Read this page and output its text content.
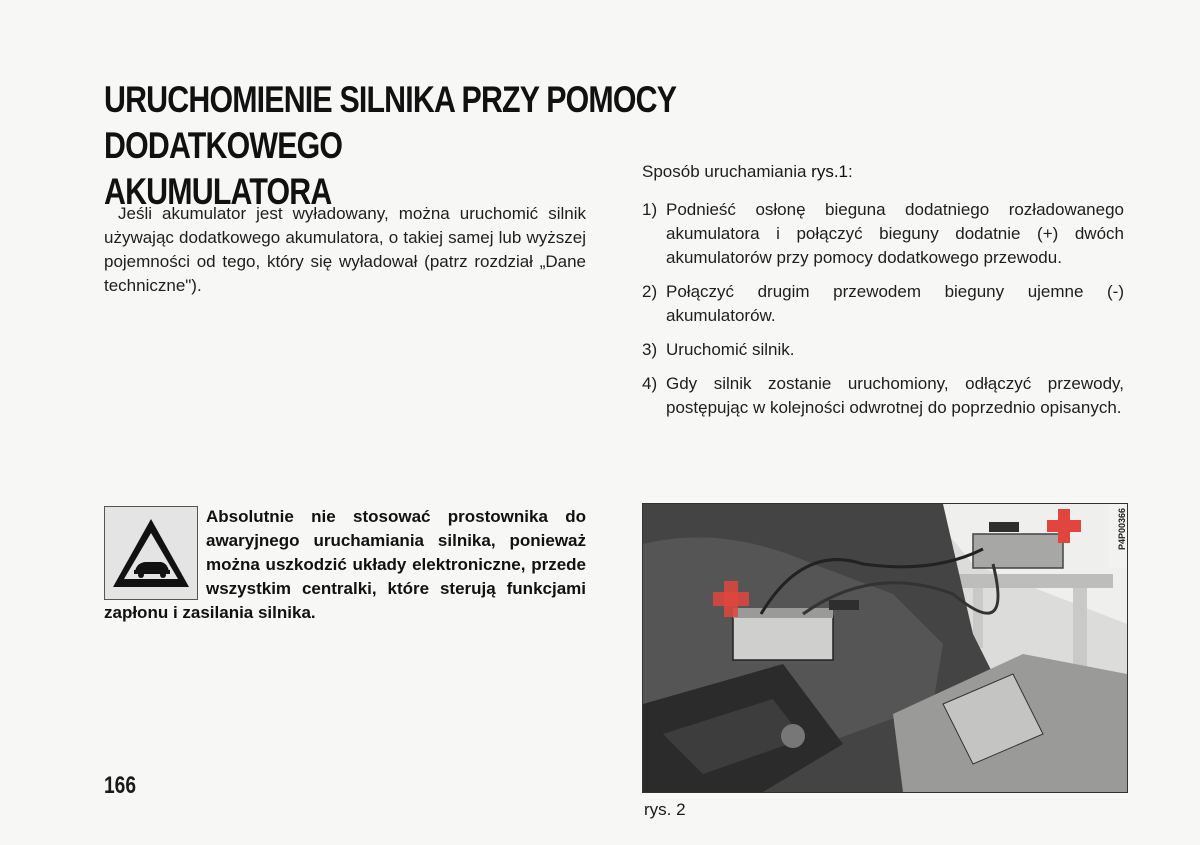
URUCHOMIENIE SILNIKA PRZY POMOCY DODATKOWEGO
AKUMULATORA

Jeśli akumulator jest wyładowany, można uruchomić silnik używając dodatkowego akumulatora, o takiej samej lub wyższej pojemności od tego, który się wyładował (patrz rozdział „Dane techniczne").

Sposób uruchamiania rys.1:
1) Podnieść osłonę bieguna dodatniego rozładowanego akumulatora i połączyć bieguny dodatnie (+) dwóch akumulatorów przy pomocy dodatkowego przewodu.
2) Połączyć drugim przewodem bieguny ujemne (-) akumulatorów.
3) Uruchomić silnik.
4) Gdy silnik zostanie uruchomiony, odłączyć przewody, postępując w kolejności odwrotnej do poprzednio opisanych.

Absolutnie nie stosować prostownika do awaryjnego uruchamiania silnika, ponieważ można uszkodzić układy elektroniczne, przede wszystkim centralki, które sterują funkcjami zapłonu i zasilania silnika.

P4P00366
rys. 2
166
